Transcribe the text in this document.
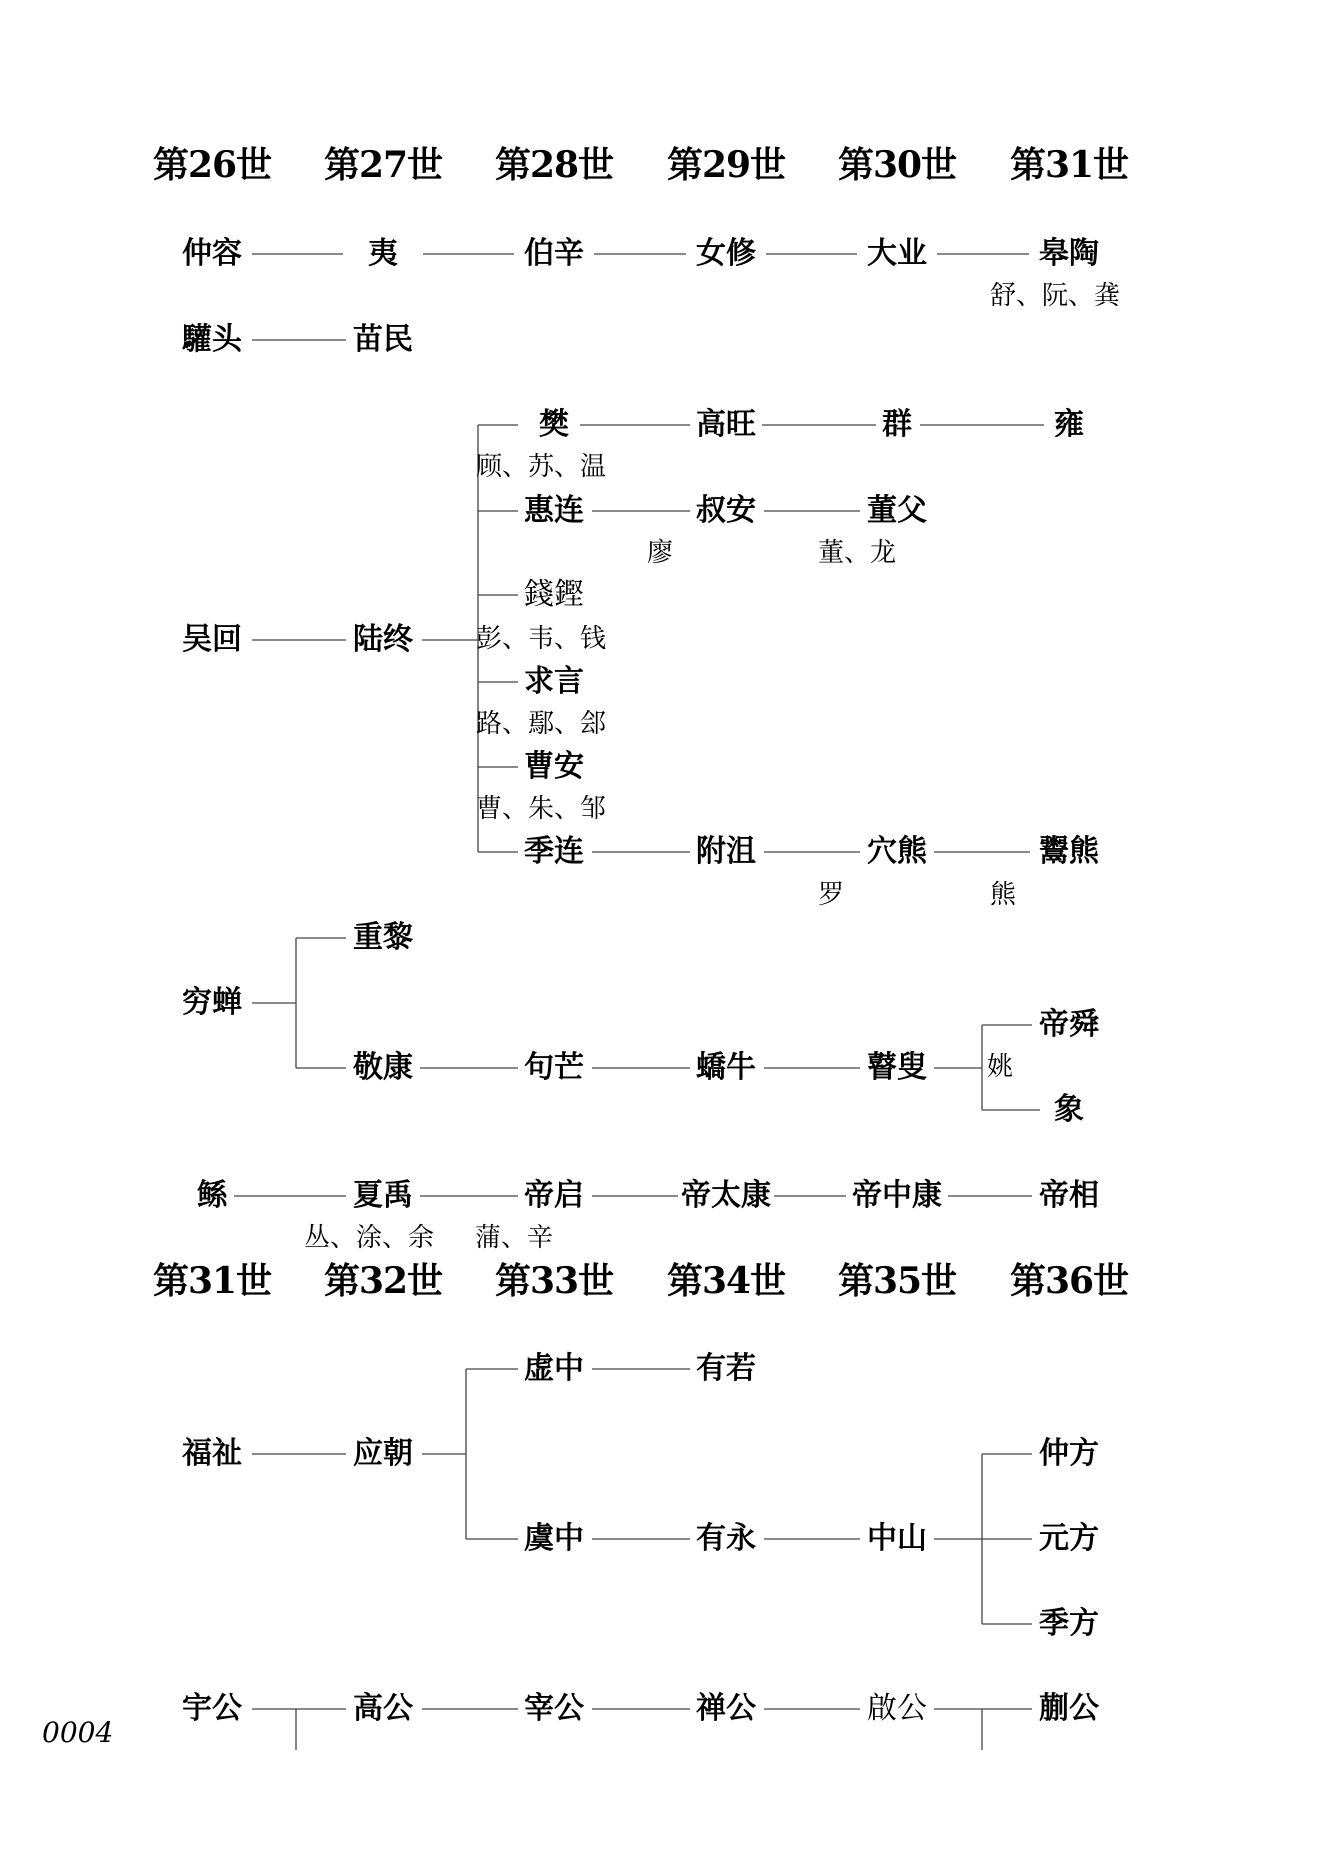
第26世 第27世 第28世 第29世 第30世 第31世
仲容	夷	伯辛	女修	大业	皋陶
舒、阮、龚
驩头	苗民
吴回	陆终
樊	高旺	群	雍
顾、苏、温
惠连	叔安	董父
廖	董、龙
錢鏗
彭、韦、钱
求言
路、鄢、郐
曹安
曹、朱、邹
季连	附沮	穴熊	鬻熊
罗	熊
穷蝉
重黎
敬康	句芒	蟜牛	瞽叟 姚
帝舜
象
鲧	夏禹	帝启	帝太康	帝中康	帝相
丛、涂、余 蒲、辛
第31世 第32世 第33世 第34世 第35世 第36世
福祉	应朝
虚中	有若
虞中	有永	中山
仲方
元方
季方
宇公	高公	宰公	禅公	啟公	蒯公
0004
